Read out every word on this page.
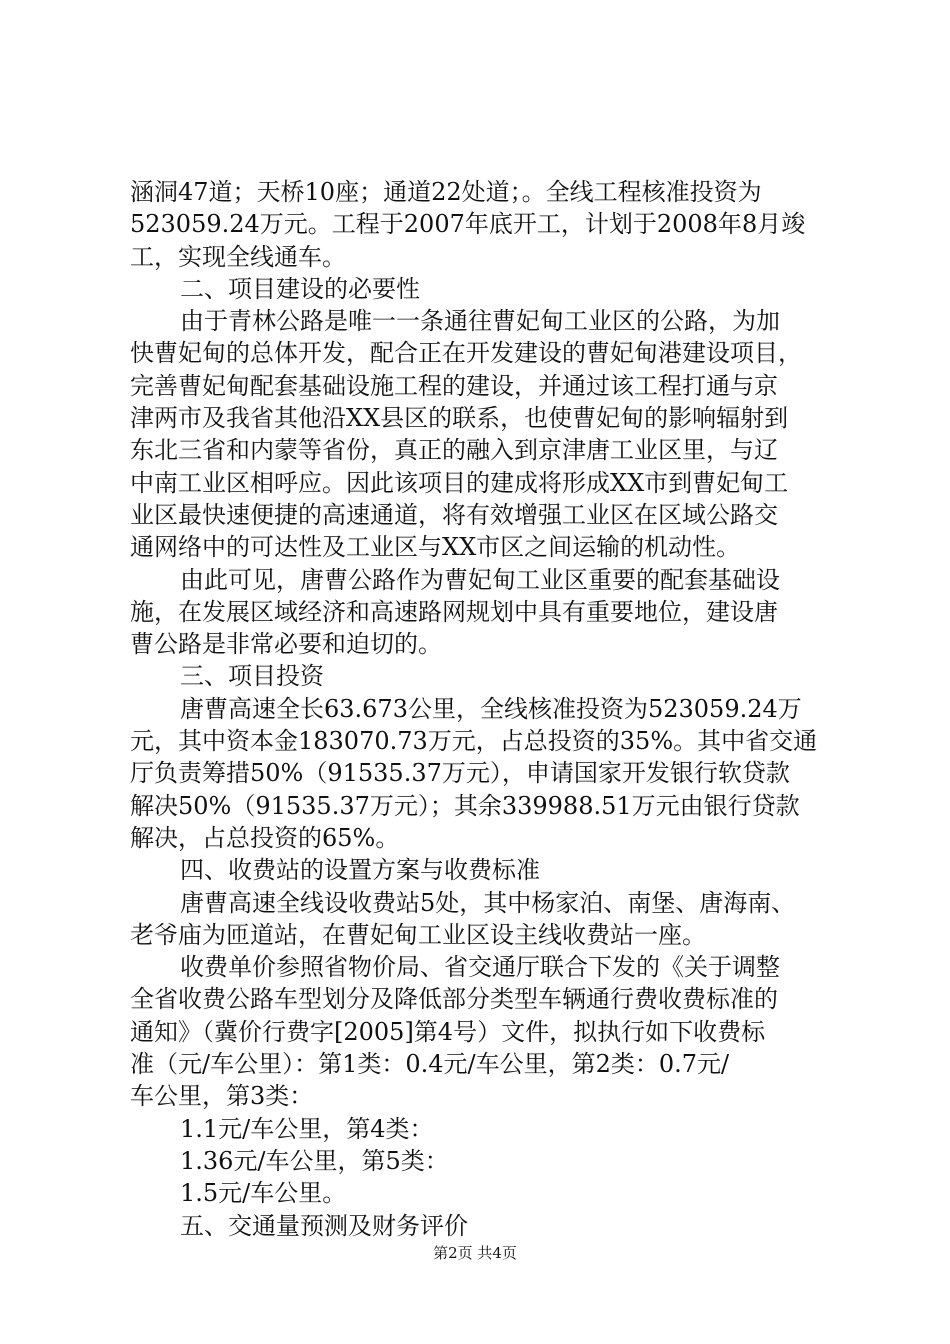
涵洞47道；天桥10座；通道22处道；。全线工程核准投资为
523059.24万元。工程于2007年底开工，计划于2008年8月竣
工，实现全线通车。
二、项目建设的必要性
由于青林公路是唯一一条通往曹妃甸工业区的公路，为加
快曹妃甸的总体开发，配合正在开发建设的曹妃甸港建设项目，
完善曹妃甸配套基础设施工程的建设，并通过该工程打通与京
津两市及我省其他沿XX县区的联系，也使曹妃甸的影响辐射到
东北三省和内蒙等省份，真正的融入到京津唐工业区里，与辽
中南工业区相呼应。因此该项目的建成将形成XX市到曹妃甸工
业区最快速便捷的高速通道，将有效增强工业区在区域公路交
通网络中的可达性及工业区与XX市区之间运输的机动性。
由此可见，唐曹公路作为曹妃甸工业区重要的配套基础设
施，在发展区域经济和高速路网规划中具有重要地位，建设唐
曹公路是非常必要和迫切的。
三、项目投资
唐曹高速全长63.673公里，全线核准投资为523059.24万
元，其中资本金183070.73万元，占总投资的35%。其中省交通
厅负责筹措50%（91535.37万元），申请国家开发银行软贷款
解决50%（91535.37万元）；其余339988.51万元由银行贷款
解决，占总投资的65%。
四、收费站的设置方案与收费标准
唐曹高速全线设收费站5处，其中杨家泊、南堡、唐海南、
老爷庙为匝道站，在曹妃甸工业区设主线收费站一座。
收费单价参照省物价局、省交通厅联合下发的《关于调整
全省收费公路车型划分及降低部分类型车辆通行费收费标准的
通知》（冀价行费字[2005]第4号）文件，拟执行如下收费标
准（元/车公里）：第1类：0.4元/车公里，第2类：0.7元/
车公里，第3类：
1.1元/车公里，第4类：
1.36元/车公里，第5类：
1.5元/车公里。
五、交通量预测及财务评价
第2页 共4页
